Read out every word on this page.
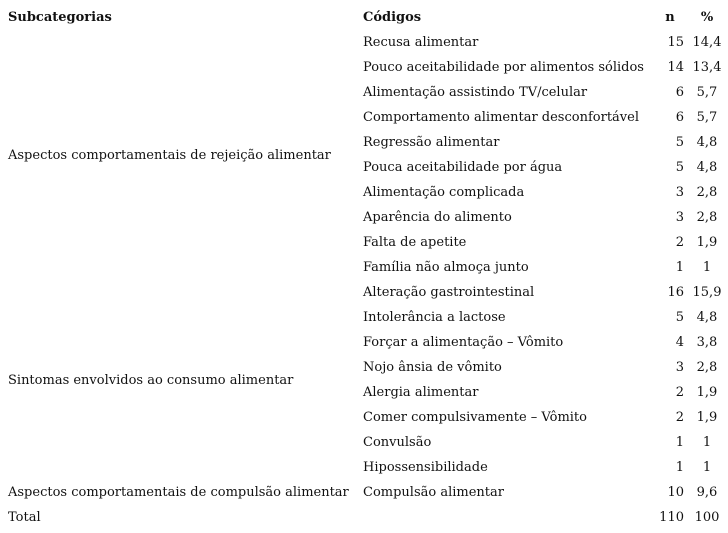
Subcategorias	Códigos	n	%
Aspectos comportamentais de rejeição alimentar	Recusa alimentar	15	14,4
	Pouco aceitabilidade por alimentos sólidos	14	13,4
	Alimentação assistindo TV/celular	6	5,7
	Comportamento alimentar desconfortável	6	5,7
	Regressão alimentar	5	4,8
	Pouca aceitabilidade por água	5	4,8
	Alimentação complicada	3	2,8
	Aparência do alimento	3	2,8
	Falta de apetite	2	1,9
	Família não almoça junto	1	1
Sintomas envolvidos ao consumo alimentar	Alteração gastrointestinal	16	15,9
	Intolerância a lactose	5	4,8
	Forçar a alimentação – Vômito	4	3,8
	Nojo ânsia de vômito	3	2,8
	Alergia alimentar	2	1,9
	Comer compulsivamente – Vômito	2	1,9
	Convulsão	1	1
	Hipossensibilidade	1	1
Aspectos comportamentais de compulsão alimentar	Compulsão alimentar	10	9,6
Total		110	100
